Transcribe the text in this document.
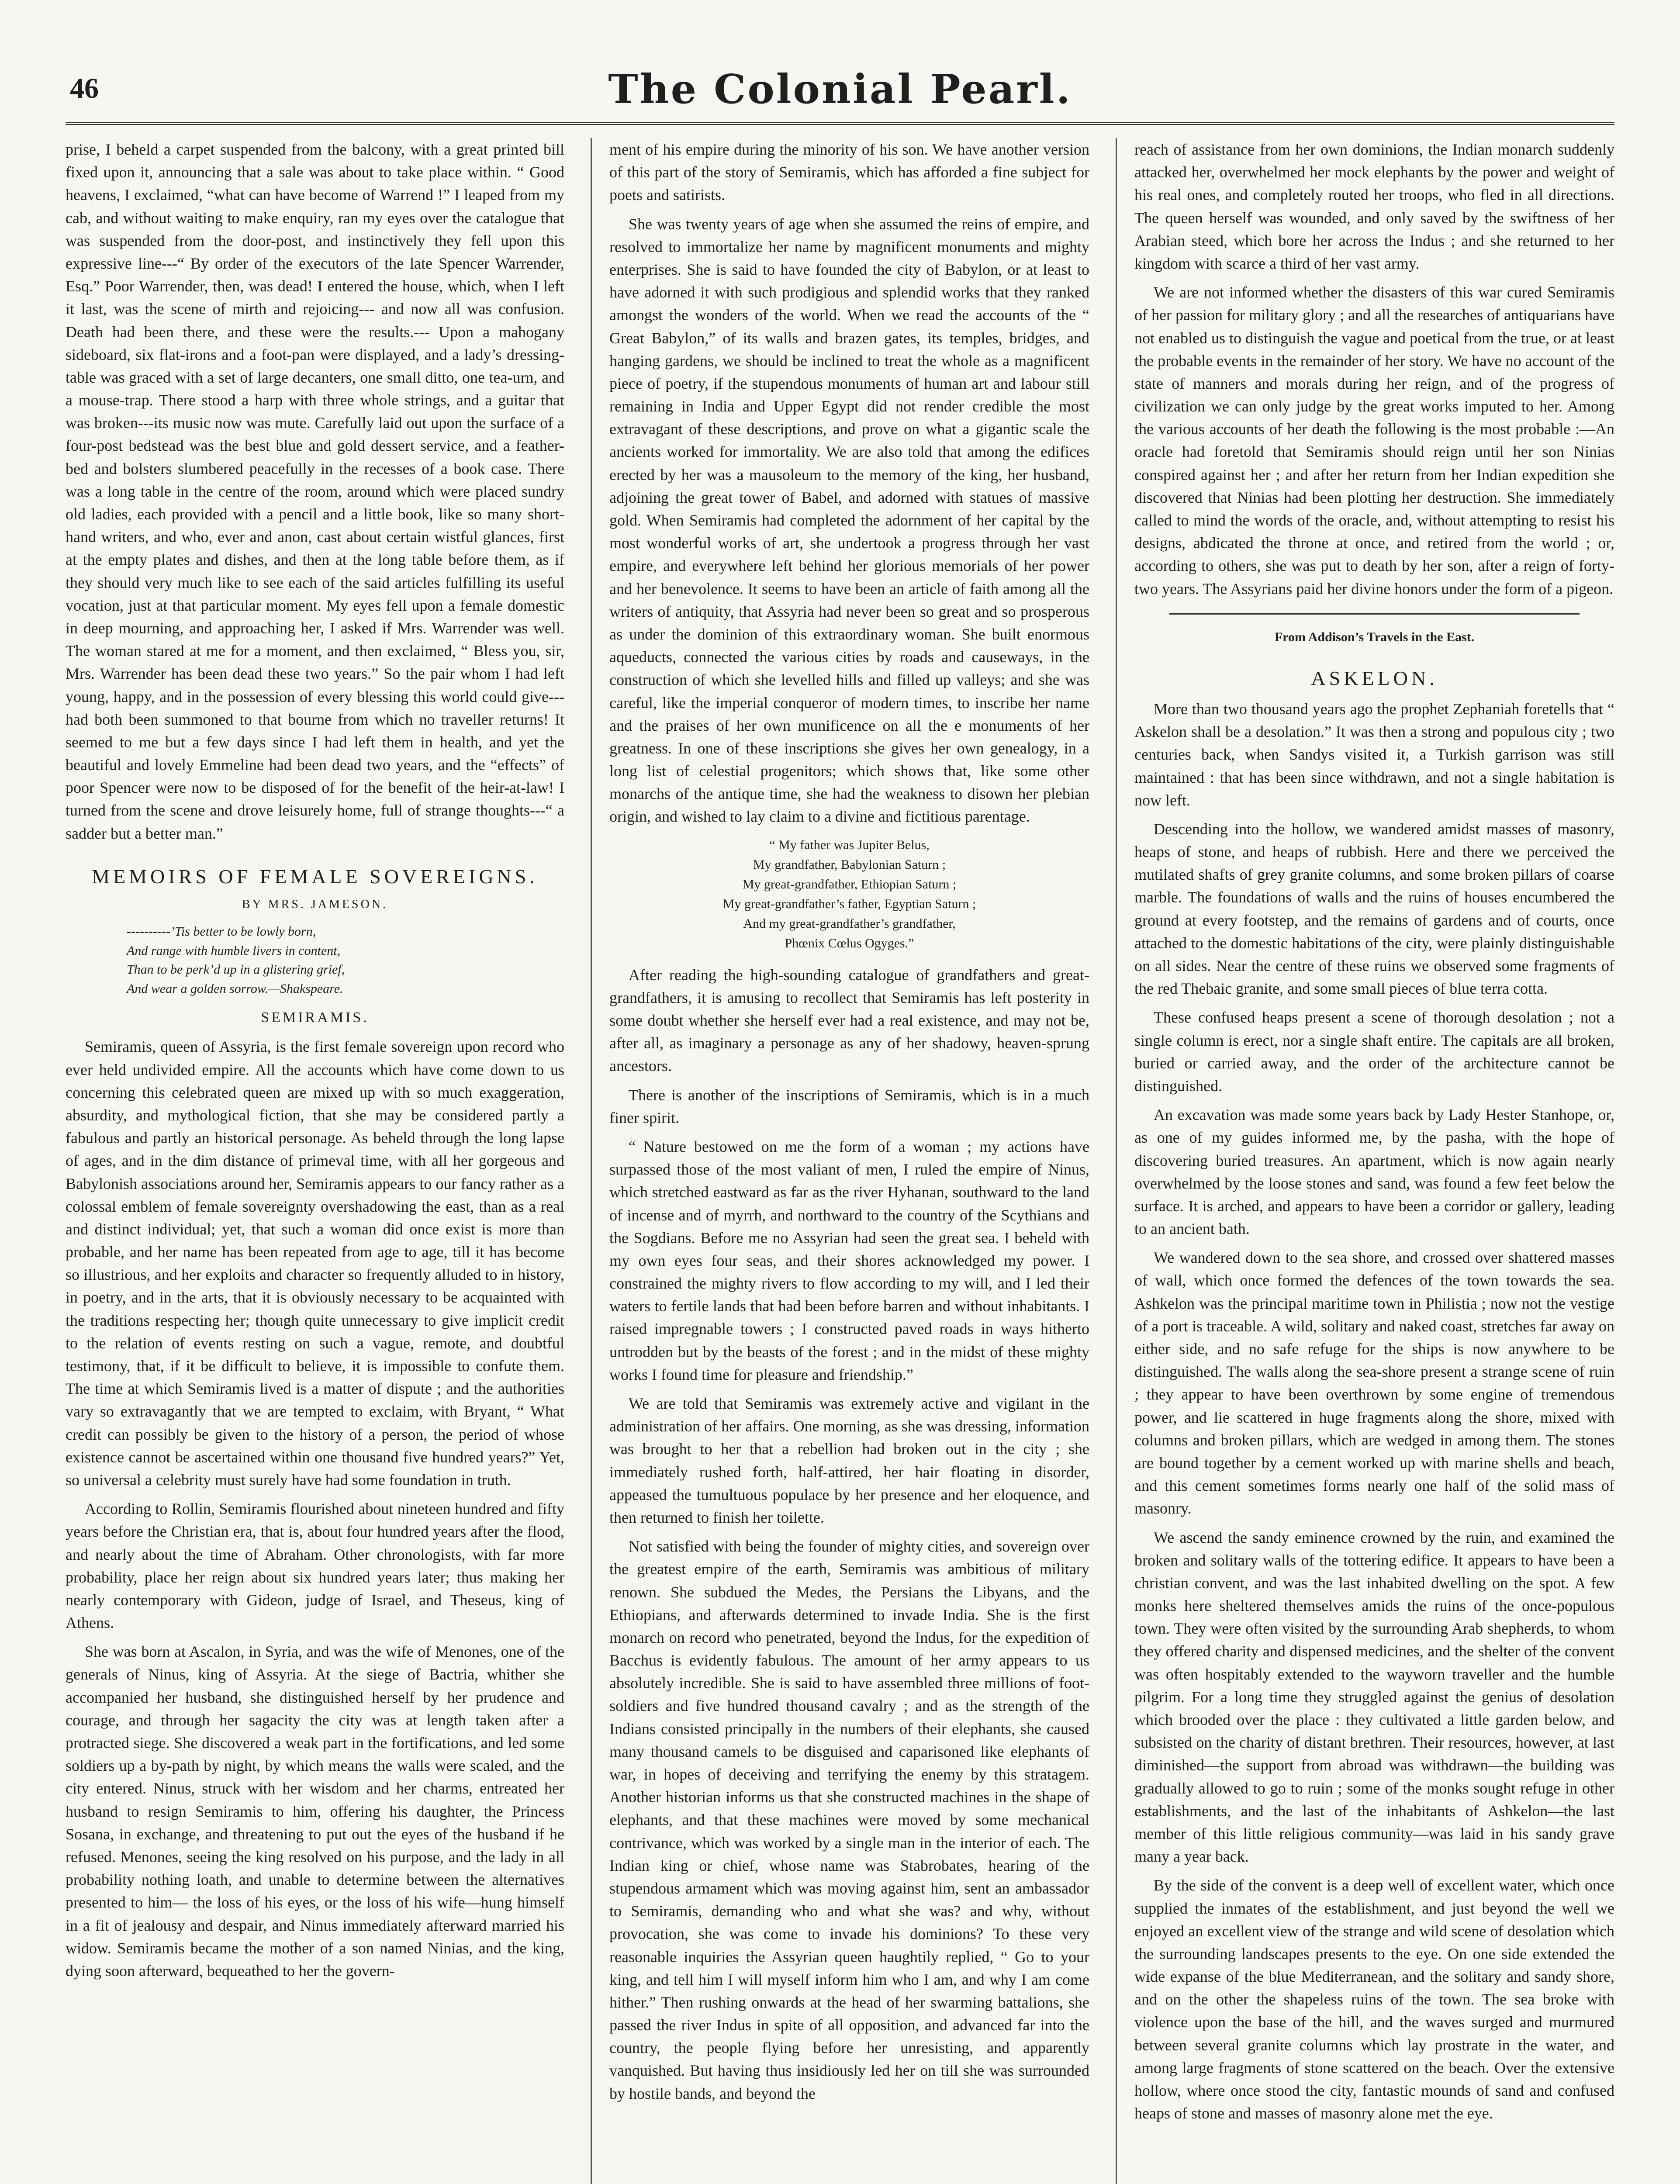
46	The Colonial Pearl.

prise, I beheld a carpet suspended from the balcony, with a great printed bill fixed upon it, announcing that a sale was about to take place within. “ Good heavens, I exclaimed, “what can have become of Warrend !” I leaped from my cab, and without waiting to make enquiry, ran my eyes over the catalogue that was suspended from the door-post, and instinctively they fell upon this expressive line---“ By order of the executors of the late Spencer Warrender, Esq.” Poor Warrender, then, was dead! I entered the house, which, when I left it last, was the scene of mirth and rejoicing--- and now all was confusion. Death had been there, and these were the results.--- Upon a mahogany sideboard, six flat-irons and a foot-pan were displayed, and a lady’s dressing-table was graced with a set of large decanters, one small ditto, one tea-urn, and a mouse-trap. There stood a harp with three whole strings, and a guitar that was broken---its music now was mute. Carefully laid out upon the surface of a four-post bedstead was the best blue and gold dessert service, and a feather-bed and bolsters slumbered peacefully in the recesses of a book case. There was a long table in the centre of the room, around which were placed sundry old ladies, each provided with a pencil and a little book, like so many short-hand writers, and who, ever and anon, cast about certain wistful glances, first at the empty plates and dishes, and then at the long table before them, as if they should very much like to see each of the said articles fulfilling its useful vocation, just at that particular moment. My eyes fell upon a female domestic in deep mourning, and approaching her, I asked if Mrs. Warrender was well. The woman stared at me for a moment, and then exclaimed, “ Bless you, sir, Mrs. Warrender has been dead these two years.” So the pair whom I had left young, happy, and in the possession of every blessing this world could give---had both been summoned to that bourne from which no traveller returns! It seemed to me but a few days since I had left them in health, and yet the beautiful and lovely Emmeline had been dead two years, and the “effects” of poor Spencer were now to be disposed of for the benefit of the heir-at-law! I turned from the scene and drove leisurely home, full of strange thoughts---“ a sadder but a better man.”

MEMOIRS OF FEMALE SOVEREIGNS.
BY MRS. JAMESON.
----------’Tis better to be lowly born,
And range with humble livers in content,
Than to be perk’d up in a glistering grief,
And wear a golden sorrow.—Shakspeare.
SEMIRAMIS.

Semiramis, queen of Assyria, is the first female sovereign upon record who ever held undivided empire. All the accounts which have come down to us concerning this celebrated queen are mixed up with so much exaggeration, absurdity, and mythological fiction, that she may be considered partly a fabulous and partly an historical personage. As beheld through the long lapse of ages, and in the dim distance of primeval time, with all her gorgeous and Babylonish associations around her, Semiramis appears to our fancy rather as a colossal emblem of female sovereignty overshadowing the east, than as a real and distinct individual; yet, that such a woman did once exist is more than probable, and her name has been repeated from age to age, till it has become so illustrious, and her exploits and character so frequently alluded to in history, in poetry, and in the arts, that it is obviously necessary to be acquainted with the traditions respecting her; though quite unnecessary to give implicit credit to the relation of events resting on such a vague, remote, and doubtful testimony, that, if it be difficult to believe, it is impossible to confute them. The time at which Semiramis lived is a matter of dispute ; and the authorities vary so extravagantly that we are tempted to exclaim, with Bryant, “ What credit can possibly be given to the history of a person, the period of whose existence cannot be ascertained within one thousand five hundred years?” Yet, so universal a celebrity must surely have had some foundation in truth.

According to Rollin, Semiramis flourished about nineteen hundred and fifty years before the Christian era, that is, about four hundred years after the flood, and nearly about the time of Abraham. Other chronologists, with far more probability, place her reign about six hundred years later; thus making her nearly contemporary with Gideon, judge of Israel, and Theseus, king of Athens.

She was born at Ascalon, in Syria, and was the wife of Menones, one of the generals of Ninus, king of Assyria. At the siege of Bactria, whither she accompanied her husband, she distinguished herself by her prudence and courage, and through her sagacity the city was at length taken after a protracted siege. She discovered a weak part in the fortifications, and led some soldiers up a by-path by night, by which means the walls were scaled, and the city entered. Ninus, struck with her wisdom and her charms, entreated her husband to resign Semiramis to him, offering his daughter, the Princess Sosana, in exchange, and threatening to put out the eyes of the husband if he refused. Menones, seeing the king resolved on his purpose, and the lady in all probability nothing loath, and unable to determine between the alternatives presented to him— the loss of his eyes, or the loss of his wife—hung himself in a fit of jealousy and despair, and Ninus immediately afterward married his widow. Semiramis became the mother of a son named Ninias, and the king, dying soon afterward, bequeathed to her the govern-

ment of his empire during the minority of his son. We have another version of this part of the story of Semiramis, which has afforded a fine subject for poets and satirists.

She was twenty years of age when she assumed the reins of empire, and resolved to immortalize her name by magnificent monuments and mighty enterprises. She is said to have founded the city of Babylon, or at least to have adorned it with such prodigious and splendid works that they ranked amongst the wonders of the world. When we read the accounts of the “ Great Babylon,” of its walls and brazen gates, its temples, bridges, and hanging gardens, we should be inclined to treat the whole as a magnificent piece of poetry, if the stupendous monuments of human art and labour still remaining in India and Upper Egypt did not render credible the most extravagant of these descriptions, and prove on what a gigantic scale the ancients worked for immortality. We are also told that among the edifices erected by her was a mausoleum to the memory of the king, her husband, adjoining the great tower of Babel, and adorned with statues of massive gold. When Semiramis had completed the adornment of her capital by the most wonderful works of art, she undertook a progress through her vast empire, and everywhere left behind her glorious memorials of her power and her benevolence. It seems to have been an article of faith among all the writers of antiquity, that Assyria had never been so great and so prosperous as under the dominion of this extraordinary woman. She built enormous aqueducts, connected the various cities by roads and causeways, in the construction of which she levelled hills and filled up valleys; and she was careful, like the imperial conqueror of modern times, to inscribe her name and the praises of her own munificence on all the e monuments of her greatness. In one of these inscriptions she gives her own genealogy, in a long list of celestial progenitors; which shows that, like some other monarchs of the antique time, she had the weakness to disown her plebian origin, and wished to lay claim to a divine and fictitious parentage.

“ My father was Jupiter Belus,
My grandfather, Babylonian Saturn ;
My great-grandfather, Ethiopian Saturn ;
My great-grandfather’s father, Egyptian Saturn ;
And my great-grandfather’s grandfather,
Phœnix Cœlus Ogyges.”

After reading the high-sounding catalogue of grandfathers and great-grandfathers, it is amusing to recollect that Semiramis has left posterity in some doubt whether she herself ever had a real existence, and may not be, after all, as imaginary a personage as any of her shadowy, heaven-sprung ancestors.

There is another of the inscriptions of Semiramis, which is in a much finer spirit.

“ Nature bestowed on me the form of a woman ; my actions have surpassed those of the most valiant of men, I ruled the empire of Ninus, which stretched eastward as far as the river Hyhanan, southward to the land of incense and of myrrh, and northward to the country of the Scythians and the Sogdians. Before me no Assyrian had seen the great sea. I beheld with my own eyes four seas, and their shores acknowledged my power. I constrained the mighty rivers to flow according to my will, and I led their waters to fertile lands that had been before barren and without inhabitants. I raised impregnable towers ; I constructed paved roads in ways hitherto untrodden but by the beasts of the forest ; and in the midst of these mighty works I found time for pleasure and friendship.”

We are told that Semiramis was extremely active and vigilant in the administration of her affairs. One morning, as she was dressing, information was brought to her that a rebellion had broken out in the city ; she immediately rushed forth, half-attired, her hair floating in disorder, appeased the tumultuous populace by her presence and her eloquence, and then returned to finish her toilette.

Not satisfied with being the founder of mighty cities, and sovereign over the greatest empire of the earth, Semiramis was ambitious of military renown. She subdued the Medes, the Persians the Libyans, and the Ethiopians, and afterwards determined to invade India. She is the first monarch on record who penetrated, beyond the Indus, for the expedition of Bacchus is evidently fabulous. The amount of her army appears to us absolutely incredible. She is said to have assembled three millions of foot-soldiers and five hundred thousand cavalry ; and as the strength of the Indians consisted principally in the numbers of their elephants, she caused many thousand camels to be disguised and caparisoned like elephants of war, in hopes of deceiving and terrifying the enemy by this stratagem. Another historian informs us that she constructed machines in the shape of elephants, and that these machines were moved by some mechanical contrivance, which was worked by a single man in the interior of each. The Indian king or chief, whose name was Stabrobates, hearing of the stupendous armament which was moving against him, sent an ambassador to Semiramis, demanding who and what she was? and why, without provocation, she was come to invade his dominions? To these very reasonable inquiries the Assyrian queen haughtily replied, “ Go to your king, and tell him I will myself inform him who I am, and why I am come hither.” Then rushing onwards at the head of her swarming battalions, she passed the river Indus in spite of all opposition, and advanced far into the country, the people flying before her unresisting, and apparently vanquished. But having thus insidiously led her on till she was surrounded by hostile bands, and beyond the

reach of assistance from her own dominions, the Indian monarch suddenly attacked her, overwhelmed her mock elephants by the power and weight of his real ones, and completely routed her troops, who fled in all directions. The queen herself was wounded, and only saved by the swiftness of her Arabian steed, which bore her across the Indus ; and she returned to her kingdom with scarce a third of her vast army.

We are not informed whether the disasters of this war cured Semiramis of her passion for military glory ; and all the researches of antiquarians have not enabled us to distinguish the vague and poetical from the true, or at least the probable events in the remainder of her story. We have no account of the state of manners and morals during her reign, and of the progress of civilization we can only judge by the great works imputed to her. Among the various accounts of her death the following is the most probable :—An oracle had foretold that Semiramis should reign until her son Ninias conspired against her ; and after her return from her Indian expedition she discovered that Ninias had been plotting her destruction. She immediately called to mind the words of the oracle, and, without attempting to resist his designs, abdicated the throne at once, and retired from the world ; or, according to others, she was put to death by her son, after a reign of forty-two years. The Assyrians paid her divine honors under the form of a pigeon.

From Addison’s Travels in the East.
ASKELON.

More than two thousand years ago the prophet Zephaniah foretells that “ Askelon shall be a desolation.” It was then a strong and populous city ; two centuries back, when Sandys visited it, a Turkish garrison was still maintained : that has been since withdrawn, and not a single habitation is now left.

Descending into the hollow, we wandered amidst masses of masonry, heaps of stone, and heaps of rubbish. Here and there we perceived the mutilated shafts of grey granite columns, and some broken pillars of coarse marble. The foundations of walls and the ruins of houses encumbered the ground at every footstep, and the remains of gardens and of courts, once attached to the domestic habitations of the city, were plainly distinguishable on all sides. Near the centre of these ruins we observed some fragments of the red Thebaic granite, and some small pieces of blue terra cotta.

These confused heaps present a scene of thorough desolation ; not a single column is erect, nor a single shaft entire. The capitals are all broken, buried or carried away, and the order of the architecture cannot be distinguished.

An excavation was made some years back by Lady Hester Stanhope, or, as one of my guides informed me, by the pasha, with the hope of discovering buried treasures. An apartment, which is now again nearly overwhelmed by the loose stones and sand, was found a few feet below the surface. It is arched, and appears to have been a corridor or gallery, leading to an ancient bath.

We wandered down to the sea shore, and crossed over shattered masses of wall, which once formed the defences of the town towards the sea. Ashkelon was the principal maritime town in Philistia ; now not the vestige of a port is traceable. A wild, solitary and naked coast, stretches far away on either side, and no safe refuge for the ships is now anywhere to be distinguished. The walls along the sea-shore present a strange scene of ruin ; they appear to have been overthrown by some engine of tremendous power, and lie scattered in huge fragments along the shore, mixed with columns and broken pillars, which are wedged in among them. The stones are bound together by a cement worked up with marine shells and beach, and this cement sometimes forms nearly one half of the solid mass of masonry.

We ascend the sandy eminence crowned by the ruin, and examined the broken and solitary walls of the tottering edifice. It appears to have been a christian convent, and was the last inhabited dwelling on the spot. A few monks here sheltered themselves amids the ruins of the once-populous town. They were often visited by the surrounding Arab shepherds, to whom they offered charity and dispensed medicines, and the shelter of the convent was often hospitably extended to the wayworn traveller and the humble pilgrim. For a long time they struggled against the genius of desolation which brooded over the place : they cultivated a little garden below, and subsisted on the charity of distant brethren. Their resources, however, at last diminished—the support from abroad was withdrawn—the building was gradually allowed to go to ruin ; some of the monks sought refuge in other establishments, and the last of the inhabitants of Ashkelon—the last member of this little religious community—was laid in his sandy grave many a year back.

By the side of the convent is a deep well of excellent water, which once supplied the inmates of the establishment, and just beyond the well we enjoyed an excellent view of the strange and wild scene of desolation which the surrounding landscapes presents to the eye. On one side extended the wide expanse of the blue Mediterranean, and the solitary and sandy shore, and on the other the shapeless ruins of the town. The sea broke with violence upon the base of the hill, and the waves surged and murmured between several granite columns which lay prostrate in the water, and among large fragments of stone scattered on the beach. Over the extensive hollow, where once stood the city, fantastic mounds of sand and confused heaps of stone and masses of masonry alone met the eye.
